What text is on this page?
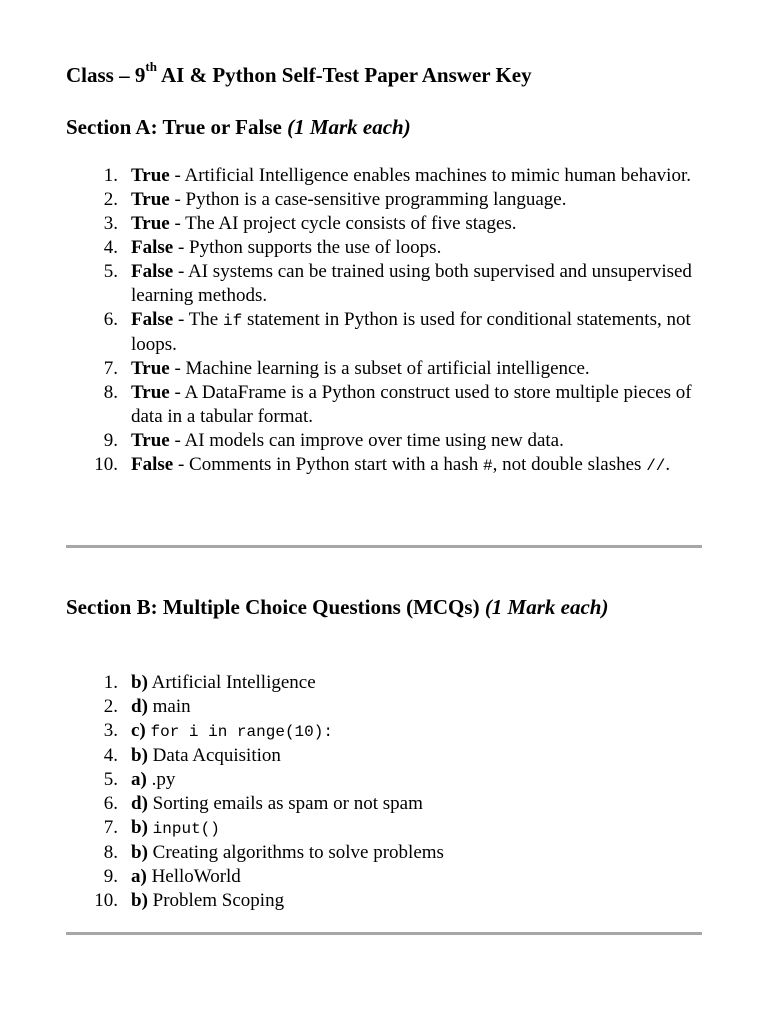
Class – 9th AI & Python Self-Test Paper Answer Key
Section A: True or False (1 Mark each)
1. True - Artificial Intelligence enables machines to mimic human behavior.
2. True - Python is a case-sensitive programming language.
3. True - The AI project cycle consists of five stages.
4. False - Python supports the use of loops.
5. False - AI systems can be trained using both supervised and unsupervised learning methods.
6. False - The if statement in Python is used for conditional statements, not loops.
7. True - Machine learning is a subset of artificial intelligence.
8. True - A DataFrame is a Python construct used to store multiple pieces of data in a tabular format.
9. True - AI models can improve over time using new data.
10. False - Comments in Python start with a hash #, not double slashes //.
Section B: Multiple Choice Questions (MCQs) (1 Mark each)
1. b) Artificial Intelligence
2. d) main
3. c) for i in range(10):
4. b) Data Acquisition
5. a) .py
6. d) Sorting emails as spam or not spam
7. b) input()
8. b) Creating algorithms to solve problems
9. a) HelloWorld
10. b) Problem Scoping
